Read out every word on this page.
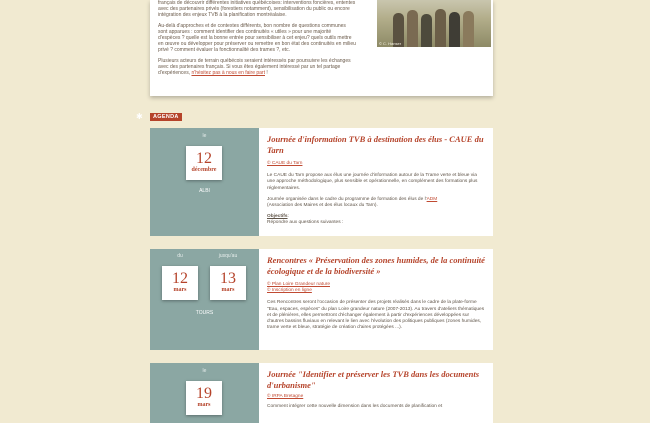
français de découvrir différentes initiatives québécoises: interventions foncières, ententes
avec des partenaires privés (forestiers notamment), sensibilisation du public ou encore
intégration des enjeux TVB à la planification montréalaise.

Au-delà d'approches et de contextes différents, bon nombre de questions communes
sont apparues : comment identifier des continuités « utiles » pour une majorité
d'espèces ? quelle est la bonne entrée pour sensibiliser à cet enjeu? quels outils mettre
en œuvre ou développer pour préserver ou remettre en bon état des continuités en milieu
privé ? comment évaluer la fonctionnalité des trames ?, etc.

Plusieurs acteurs de terrain québécois seraient intéressés par poursuivre les échanges
avec des partenaires français. Si vous êtes également intéressé par un tel partage
d'expériences, n'hésitez pas à nous en faire part !

© C. Hanser
✱	AGENDA
le
12
décembre
ALBI

Journée d'information TVB à destination des élus - CAUE du Tarn

© CAUE du Tarn

Le CAUE du Tarn propose aux élus une journée d'information autour de la Trame verte et bleue via une approche méthodologique, plus sensible et opérationnelle, en complément des formations plus réglementaires.

Journée organisée dans le cadre du programme de formation des élus de l'ADM
(Association des Maires et des élus locaux du Tarn).

Objectifs:
Répondre aux questions suivantes :

du	jusqu'au
12
mars
13
mars
TOURS

Rencontres « Préservation des zones humides, de la continuité écologique et de la biodiversité »

© Plan Loire Grandeur nature
© Inscription en ligne

Ces Rencontres seront l'occasion de présenter des projets réalisés dans le cadre de la plate-forme "Eau, espaces, espèces" du plan Loire grandeur nature (2007-2013). Au travers d'ateliers thématiques et de plénières, elles permettront d'échanger également à partir d'expériences développées sur d'autres bassins fluviaux en relevant le lien avec l'évolution des politiques publiques (zones humides, trame verte et bleue, stratégie de création d'aires protégées ...).

le
19
mars

Journée "Identifier et préserver les TVB dans les documents d'urbanisme"

© IRPA Bretagne

Comment intégrer cette nouvelle dimension dans les documents de planification et
